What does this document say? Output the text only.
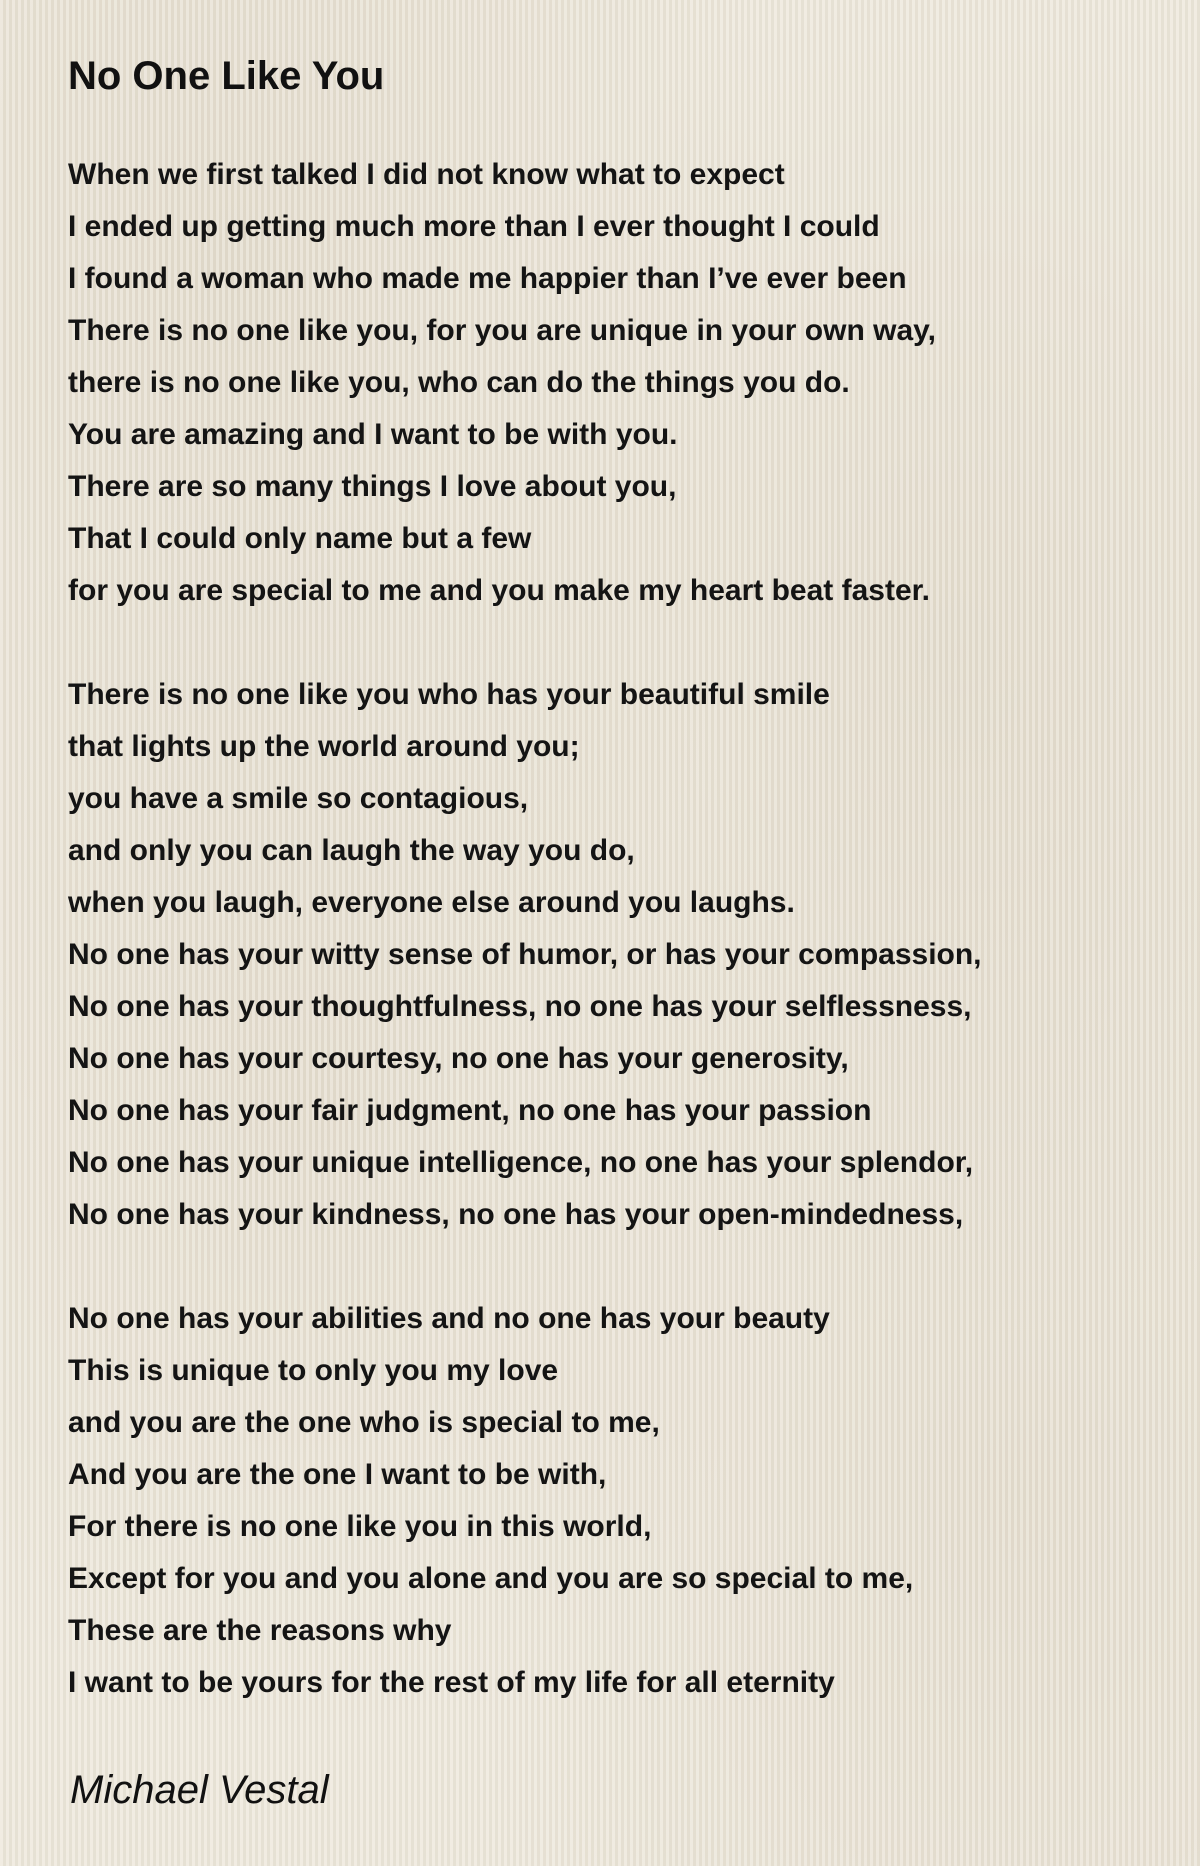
No One Like You
When we first talked I did not know what to expect
I ended up getting much more than I ever thought I could
I found a woman who made me happier than I’ve ever been
There is no one like you, for you are unique in your own way,
there is no one like you, who can do the things you do.
You are amazing and I want to be with you.
There are so many things I love about you,
That I could only name but a few
for you are special to me and you make my heart beat faster.
There is no one like you who has your beautiful smile
that lights up the world around you;
you have a smile so contagious,
and only you can laugh the way you do,
when you laugh, everyone else around you laughs.
No one has your witty sense of humor, or has your compassion,
No one has your thoughtfulness, no one has your selflessness,
No one has your courtesy, no one has your generosity,
No one has your fair judgment, no one has your passion
No one has your unique intelligence, no one has your splendor,
No one has your kindness, no one has your open-mindedness,
No one has your abilities and no one has your beauty
This is unique to only you my love
and you are the one who is special to me,
And you are the one I want to be with,
For there is no one like you in this world,
Except for you and you alone and you are so special to me,
These are the reasons why
I want to be yours for the rest of my life for all eternity
Michael Vestal
